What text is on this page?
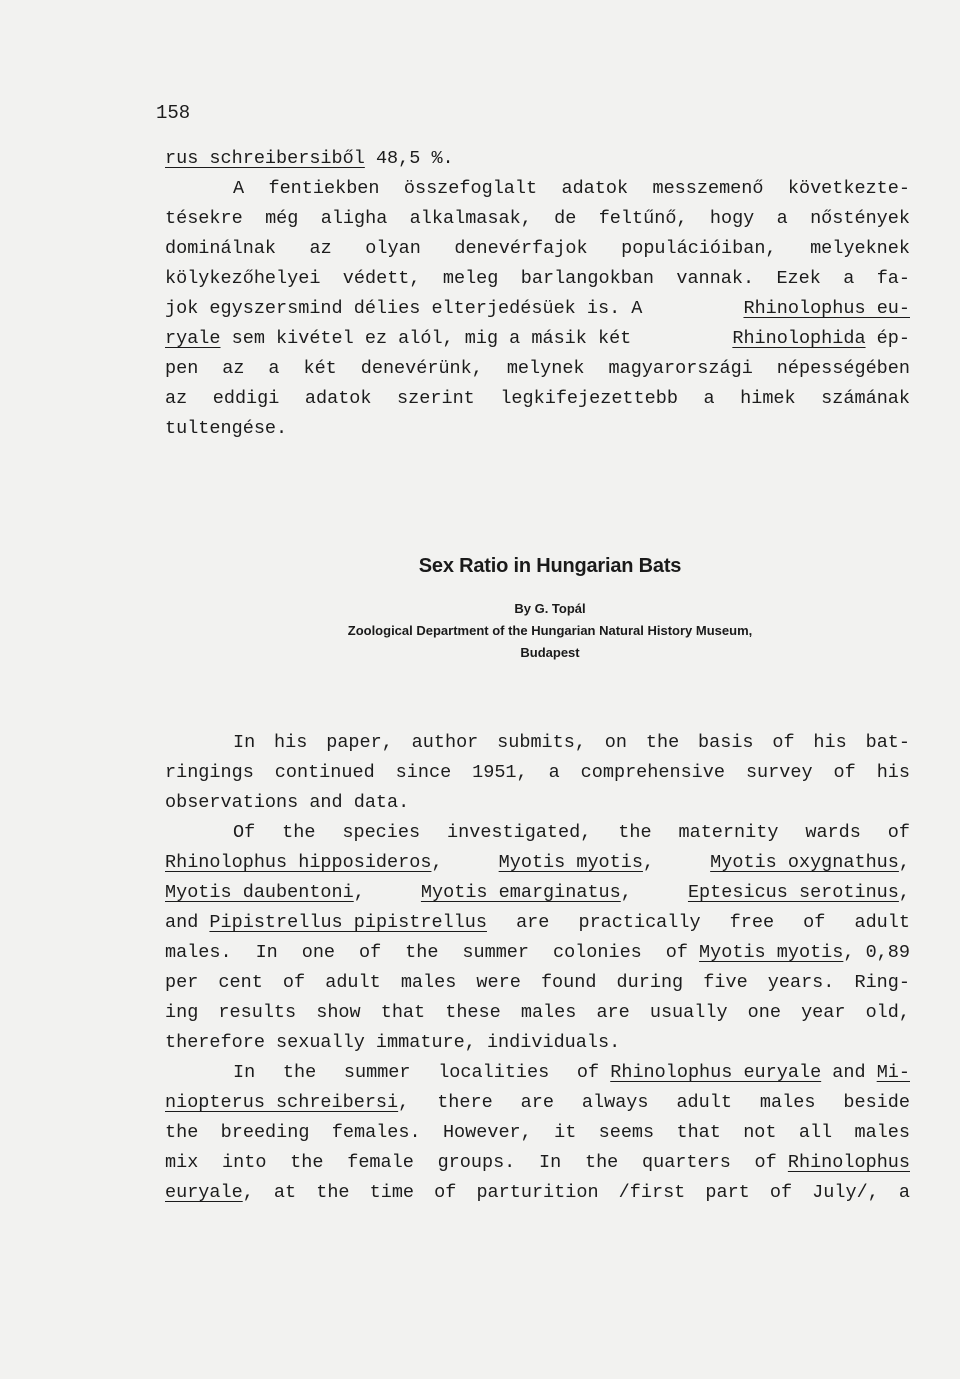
158
rus schreibersiből 48,5 %.
A fentiekben összefoglalt adatok messzemenő következte-
tésekre még aligha alkalmasak, de feltűnő, hogy a nőstények
dominálnak az olyan denevérfajok populációiban, melyeknek
kölykezőhelyei védett, meleg barlangokban vannak. Ezek a fa-
jok egyszersmind délies elterjedésüek is. A	Rhinolophus eu-
ryale sem kivétel ez alól, mig a másik két	Rhinolophida ép-
pen az a két denevérünk, melynek magyarországi népességében
az eddigi adatok szerint legkifejezettebb a himek számának
tultengése.
Sex Ratio in Hungarian Bats
By G. Topál
Zoological Department of the Hungarian Natural History Museum,
Budapest
In his paper, author submits, on the basis of his bat-
ringings continued since 1951, a comprehensive survey of his
observations and data.
Of the species investigated, the maternity wards of
Rhinolophus hipposideros, Myotis myotis, Myotis oxygnathus,
Myotis daubentoni, Myotis emarginatus, Eptesicus serotinus,
and Pipistrellus pipistrellus are practically free of adult
males. In one of the summer colonies of Myotis myotis , 0,89
per cent of adult males were found during five years. Ring-
ing results show that these males are usually one year old,
therefore sexually immature, individuals.
In the summer localities of Rhinolophus euryale and Mi-
niopterus schreibersi , there are always adult males beside
the breeding females. However, it seems that not all males
mix into the female groups. In the quarters of Rhinolophus
euryale , at the time of parturition /first part of July/, a
